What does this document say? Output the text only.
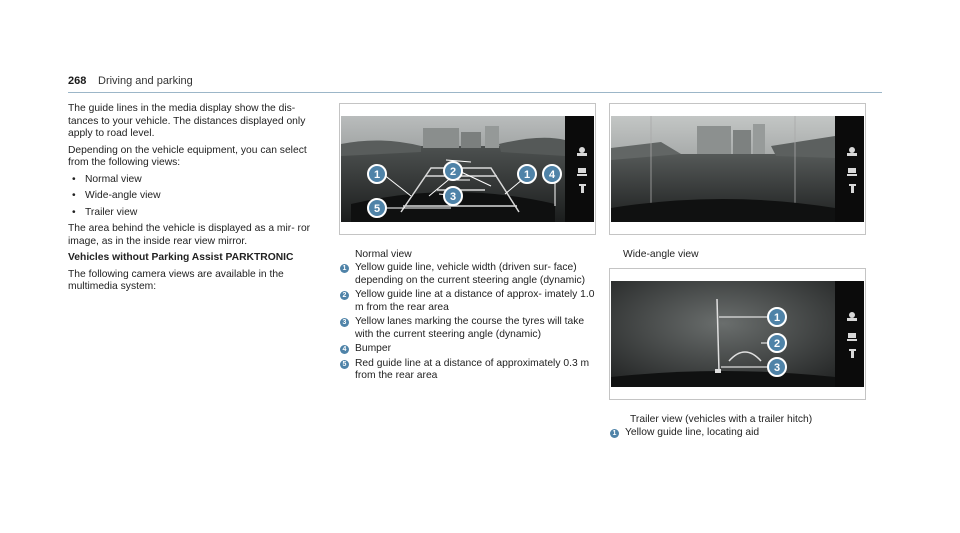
268 Driving and parking

The guide lines in the media display show the dis- tances to your vehicle. The distances displayed only apply to road level.

Depending on the vehicle equipment, you can select from the following views:

• Normal view
• Wide-angle view
• Trailer view

The area behind the vehicle is displayed as a mir- ror image, as in the inside rear view mirror.

Vehicles without Parking Assist PARKTRONIC

The following camera views are available in the multimedia system:

1	2
3
1 4
5
Normal view
1 Yellow guide line, vehicle width (driven sur- face) depending on the current steering angle (dynamic)
2 Yellow guide line at a distance of approx- imately 1.0 m from the rear area
3 Yellow lanes marking the course the tyres will take with the current steering angle (dynamic)
4 Bumper
5 Red guide line at a distance of approximately 0.3 m from the rear area
Wide-angle view
1
2
3
Trailer view (vehicles with a trailer hitch)
1 Yellow guide line, locating aid
